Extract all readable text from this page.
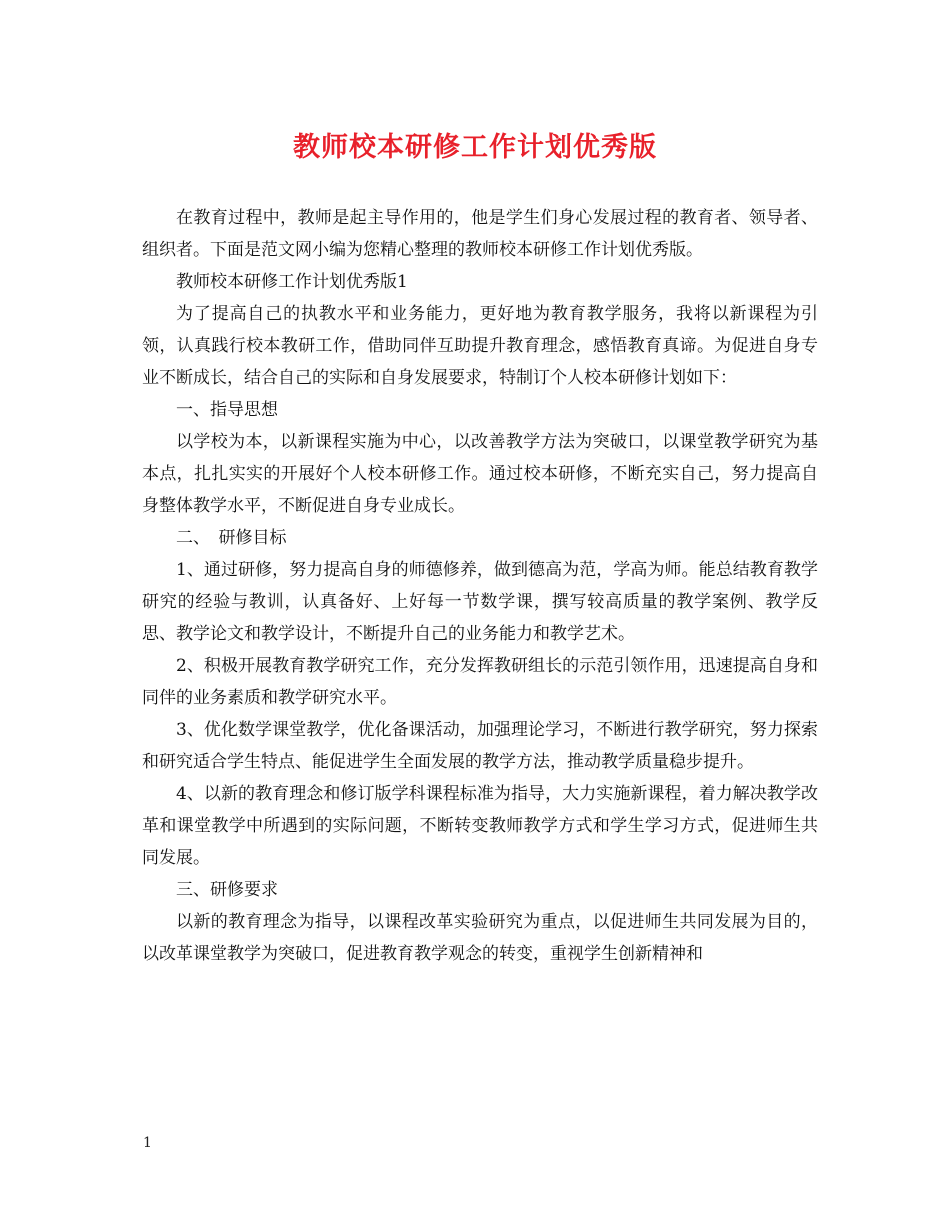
教师校本研修工作计划优秀版

在教育过程中，教师是起主导作用的，他是学生们身心发展过程的教育者、领导者、组织者。下面是范文网小编为您精心整理的教师校本研修工作计划优秀版。

教师校本研修工作计划优秀版1

为了提高自己的执教水平和业务能力，更好地为教育教学服务，我将以新课程为引领，认真践行校本教研工作，借助同伴互助提升教育理念，感悟教育真谛。为促进自身专业不断成长，结合自己的实际和自身发展要求，特制订个人校本研修计划如下：

一、指导思想

以学校为本，以新课程实施为中心，以改善教学方法为突破口，以课堂教学研究为基本点，扎扎实实的开展好个人校本研修工作。通过校本研修，不断充实自己，努力提高自身整体教学水平，不断促进自身专业成长。

二、　研修目标

1、通过研修，努力提高自身的师德修养，做到德高为范，学高为师。能总结教育教学研究的经验与教训，认真备好、上好每一节数学课，撰写较高质量的教学案例、教学反思、教学论文和教学设计，不断提升自己的业务能力和教学艺术。

2、积极开展教育教学研究工作，充分发挥教研组长的示范引领作用，迅速提高自身和同伴的业务素质和教学研究水平。

3、优化数学课堂教学，优化备课活动，加强理论学习，不断进行教学研究，努力探索和研究适合学生特点、能促进学生全面发展的教学方法，推动教学质量稳步提升。

4、以新的教育理念和修订版学科课程标准为指导，大力实施新课程，着力解决教学改革和课堂教学中所遇到的实际问题，不断转变教师教学方式和学生学习方式，促进师生共同发展。

三、研修要求

以新的教育理念为指导，以课程改革实验研究为重点，以促进师生共同发展为目的，以改革课堂教学为突破口，促进教育教学观念的转变，重视学生创新精神和

1
